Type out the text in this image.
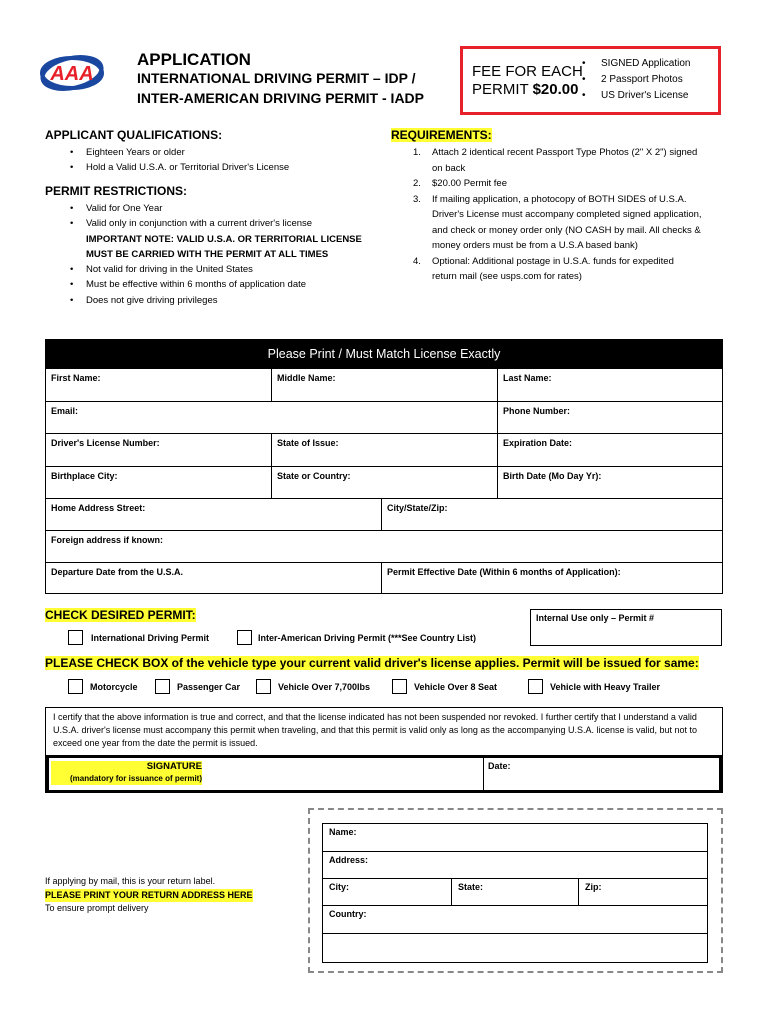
AAA
APPLICATION
INTERNATIONAL DRIVING PERMIT – IDP /
INTER-AMERICAN DRIVING PERMIT - IADP
FEE FOR EACH
PERMIT $20.00
• SIGNED Application
• 2 Passport Photos
• US Driver's License
APPLICANT QUALIFICATIONS:
• Eighteen Years or older
• Hold a Valid U.S.A. or Territorial Driver's License
PERMIT RESTRICTIONS:
• Valid for One Year
• Valid only in conjunction with a current driver's license
IMPORTANT NOTE: VALID U.S.A. OR TERRITORIAL LICENSE
MUST BE CARRIED WITH THE PERMIT AT ALL TIMES
• Not valid for driving in the United States
• Must be effective within 6 months of application date
• Does not give driving privileges
REQUIREMENTS:
1. Attach 2 identical recent Passport Type Photos (2" X 2") signed
on back
2. $20.00 Permit fee
3. If mailing application, a photocopy of BOTH SIDES of U.S.A.
Driver's License must accompany completed signed application,
and check or money order only (NO CASH by mail. All checks &
money orders must be from a U.S.A based bank)
4. Optional: Additional postage in U.S.A. funds for expedited
return mail (see usps.com for rates)
Please Print / Must Match License Exactly
First Name:	Middle Name:	Last Name:
Email:	Phone Number:
Driver's License Number:	State of Issue:	Expiration Date:
Birthplace City:	State or Country:	Birth Date (Mo Day Yr):
Home Address Street:	City/State/Zip:
Foreign address if known:
Departure Date from the U.S.A.	Permit Effective Date (Within 6 months of Application):
CHECK DESIRED PERMIT:	Internal Use only – Permit #
International Driving Permit	Inter-American Driving Permit (***See Country List)
PLEASE CHECK BOX of the vehicle type your current valid driver's license applies. Permit will be issued for same:
Motorcycle	Passenger Car	Vehicle Over 7,700lbs	Vehicle Over 8 Seat	Vehicle with Heavy Trailer
I certify that the above information is true and correct, and that the license indicated has not been suspended nor revoked. I further certify that I understand a valid U.S.A. driver's license must accompany this permit when traveling, and that this permit is valid only as long as the accompanying U.S.A. license is valid, but not to exceed one year from the date the permit is issued.
SIGNATURE
(mandatory for issuance of permit)
Date:
If applying by mail, this is your return label.
PLEASE PRINT YOUR RETURN ADDRESS HERE
To ensure prompt delivery
Name:
Address:
City:	State:	Zip:
Country:
